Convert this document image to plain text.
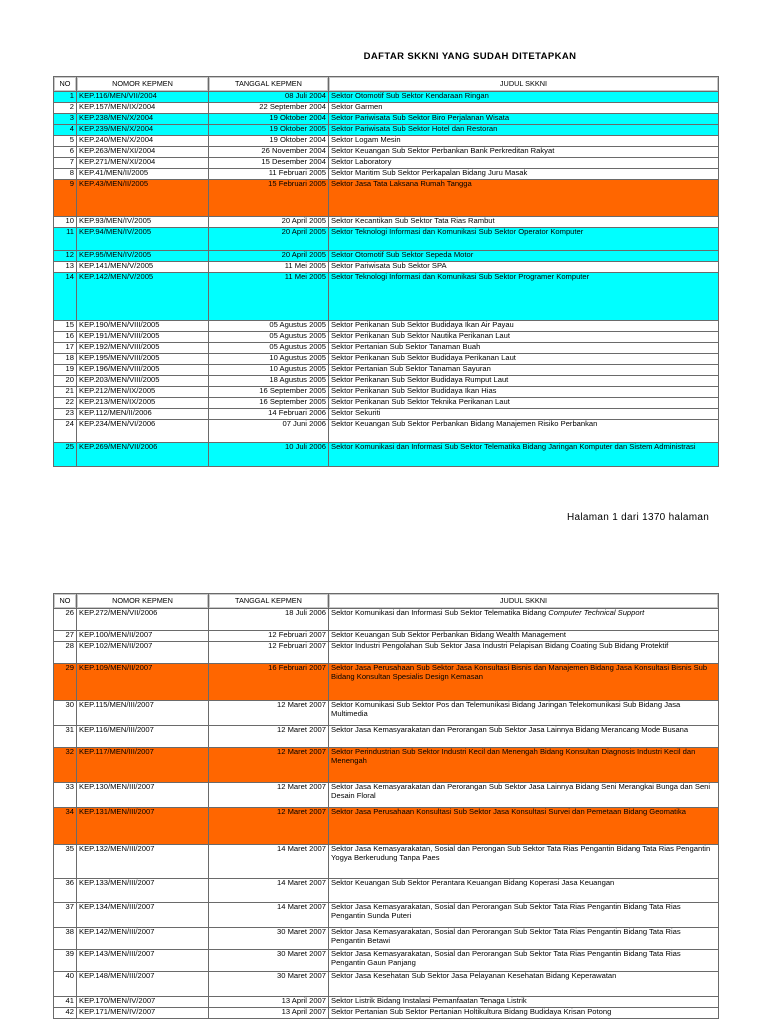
DAFTAR SKKNI YANG SUDAH DITETAPKAN
NO	NOMOR KEPMEN	TANGGAL KEPMEN	JUDUL SKKNI
1	KEP.116/MEN/VII/2004	08 Juli 2004	Sektor Otomotif Sub Sektor Kendaraan Ringan
2	KEP.157/MEN/IX/2004	22 September 2004	Sektor Garmen
3	KEP.238/MEN/X/2004	19 Oktober 2004	Sektor Pariwisata Sub Sektor Biro Perjalanan Wisata
4	KEP.239/MEN/X/2004	19 Oktober 2005	Sektor Pariwisata Sub Sektor Hotel dan Restoran
5	KEP.240/MEN/X/2004	19 Oktober 2004	Sektor Logam Mesin
6	KEP.263/MEN/XI/2004	26 November 2004	Sektor Keuangan Sub Sektor Perbankan Bank Perkreditan Rakyat
7	KEP.271/MEN/XI/2004	15 Desember 2004	Sektor Laboratory
8	KEP.41/MEN/II/2005	11 Februari 2005	Sektor Maritim Sub Sektor Perkapalan Bidang Juru Masak
9	KEP.43/MEN/II/2005	15 Februari 2005	Sektor Jasa Tata Laksana Rumah Tangga
10	KEP.93/MEN/IV/2005	20 April 2005	Sektor Kecantikan Sub Sektor Tata Rias Rambut
11	KEP.94/MEN/IV/2005	20 April 2005	Sektor Teknologi Informasi dan Komunikasi Sub Sektor Operator Komputer
12	KEP.95/MEN/IV/2005	20 April 2005	Sektor Otomotif Sub Sektor Sepeda Motor
13	KEP.141/MEN/V/2005	11 Mei 2005	Sektor Pariwisata Sub Sektor SPA
14	KEP.142/MEN/V/2005	11 Mei 2005	Sektor Teknologi Informasi dan Komunikasi Sub Sektor Programer Komputer
15	KEP.190/MEN/VIII/2005	05 Agustus 2005	Sektor Perikanan Sub Sektor Budidaya Ikan Air Payau
16	KEP.191/MEN/VIII/2005	05 Agustus 2005	Sektor Perikanan Sub Sektor Nautika Perikanan Laut
17	KEP.192/MEN/VIII/2005	05 Agustus 2005	Sektor Pertanian Sub Sektor Tanaman Buah
18	KEP.195/MEN/VIII/2005	10 Agustus 2005	Sektor Perikanan Sub Sektor Budidaya Perikanan Laut
19	KEP.196/MEN/VIII/2005	10 Agustus 2005	Sektor Pertanian Sub Sektor Tanaman Sayuran
20	KEP.203/MEN/VIII/2005	18 Agustus 2005	Sektor Perikanan Sub Sektor Budidaya Rumput Laut
21	KEP.212/MEN/IX/2005	16 September 2005	Sektor Perikanan Sub Sektor Budidaya Ikan Hias
22	KEP.213/MEN/IX/2005	16 September 2005	Sektor Perikanan Sub Sektor Teknika Perikanan Laut
23	KEP.112/MEN/II/2006	14 Februari 2006	Sektor Sekuriti
24	KEP.234/MEN/VI/2006	07 Juni 2006	Sektor Keuangan Sub Sektor Perbankan Bidang Manajemen Risiko Perbankan
25	KEP.269/MEN/VII/2006	10 Juli 2006	Sektor Komunikasi dan Informasi Sub Sektor Telematika Bidang Jaringan Komputer dan Sistem Administrasi
Halaman 1 dari 1370 halaman
NO	NOMOR KEPMEN	TANGGAL KEPMEN	JUDUL SKKNI
26	KEP.272/MEN/VII/2006	18 Juli 2006	Sektor Komunikasi dan Informasi Sub Sektor Telematika Bidang Computer Technical Support
27	KEP.100/MEN/II/2007	12 Februari 2007	Sektor Keuangan Sub Sektor Perbankan Bidang Wealth Management
28	KEP.102/MEN/II/2007	12 Februari 2007	Sektor Industri Pengolahan Sub Sektor Jasa Industri Pelapisan Bidang Coating Sub Bidang Protektif
29	KEP.109/MEN/II/2007	16 Februari 2007	Sektor Jasa Perusahaan Sub Sektor Jasa Konsultasi Bisnis dan Manajemen Bidang Jasa Konsultasi Bisnis Sub Bidang Konsultan Spesialis Design Kemasan
30	KEP.115/MEN/III/2007	12 Maret 2007	Sektor Komunikasi Sub Sektor Pos dan Telemunikasi Bidang Jaringan Telekomunikasi Sub Bidang Jasa Multimedia
31	KEP.116/MEN/III/2007	12 Maret 2007	Sektor Jasa Kemasyarakatan dan Perorangan Sub Sektor Jasa Lainnya Bidang Merancang Mode Busana
32	KEP.117/MEN/III/2007	12 Maret 2007	Sektor Perindustrian Sub Sektor Industri Kecil dan Menengah Bidang Konsultan Diagnosis Industri Kecil dan Menengah
33	KEP.130/MEN/III/2007	12 Maret 2007	Sektor Jasa Kemasyarakatan dan Perorangan Sub Sektor Jasa Lainnya Bidang Seni Merangkai Bunga dan Seni Desain Floral
34	KEP.131/MEN/III/2007	12 Maret 2007	Sektor Jasa Perusahaan Konsultasi Sub Sektor Jasa Konsultasi Survei dan Pemetaan Bidang Geomatika
35	KEP.132/MEN/III/2007	14 Maret 2007	Sektor Jasa Kemasyarakatan, Sosial dan Perongan Sub Sektor Tata Rias Pengantin Bidang Tata Rias Pengantin Yogya Berkerudung Tanpa Paes
36	KEP.133/MEN/III/2007	14 Maret 2007	Sektor Keuangan Sub Sektor Perantara Keuangan Bidang Koperasi Jasa Keuangan
37	KEP.134/MEN/III/2007	14 Maret 2007	Sektor Jasa Kemasyarakatan, Sosial dan Perorangan Sub Sektor Tata Rias Pengantin Bidang Tata Rias Pengantin Sunda Puteri
38	KEP.142/MEN/III/2007	30 Maret 2007	Sektor Jasa Kemasyarakatan, Sosial dan Perorangan Sub Sektor Tata Rias Pengantin Bidang Tata Rias Pengantin Betawi
39	KEP.143/MEN/III/2007	30 Maret 2007	Sektor Jasa Kemasyarakatan, Sosial dan Perorangan Sub Sektor Tata Rias Pengantin Bidang Tata Rias Pengantin Gaun Panjang
40	KEP.148/MEN/III/2007	30 Maret 2007	Sektor Jasa Kesehatan Sub Sektor Jasa Pelayanan Kesehatan Bidang Keperawatan
41	KEP.170/MEN/IV/2007	13 April 2007	Sektor Listrik Bidang Instalasi Pemanfaatan Tenaga Listrik
42	KEP.171/MEN/IV/2007	13 April 2007	Sektor Pertanian Sub Sektor Pertanian Holtikultura Bidang Budidaya Krisan Potong
